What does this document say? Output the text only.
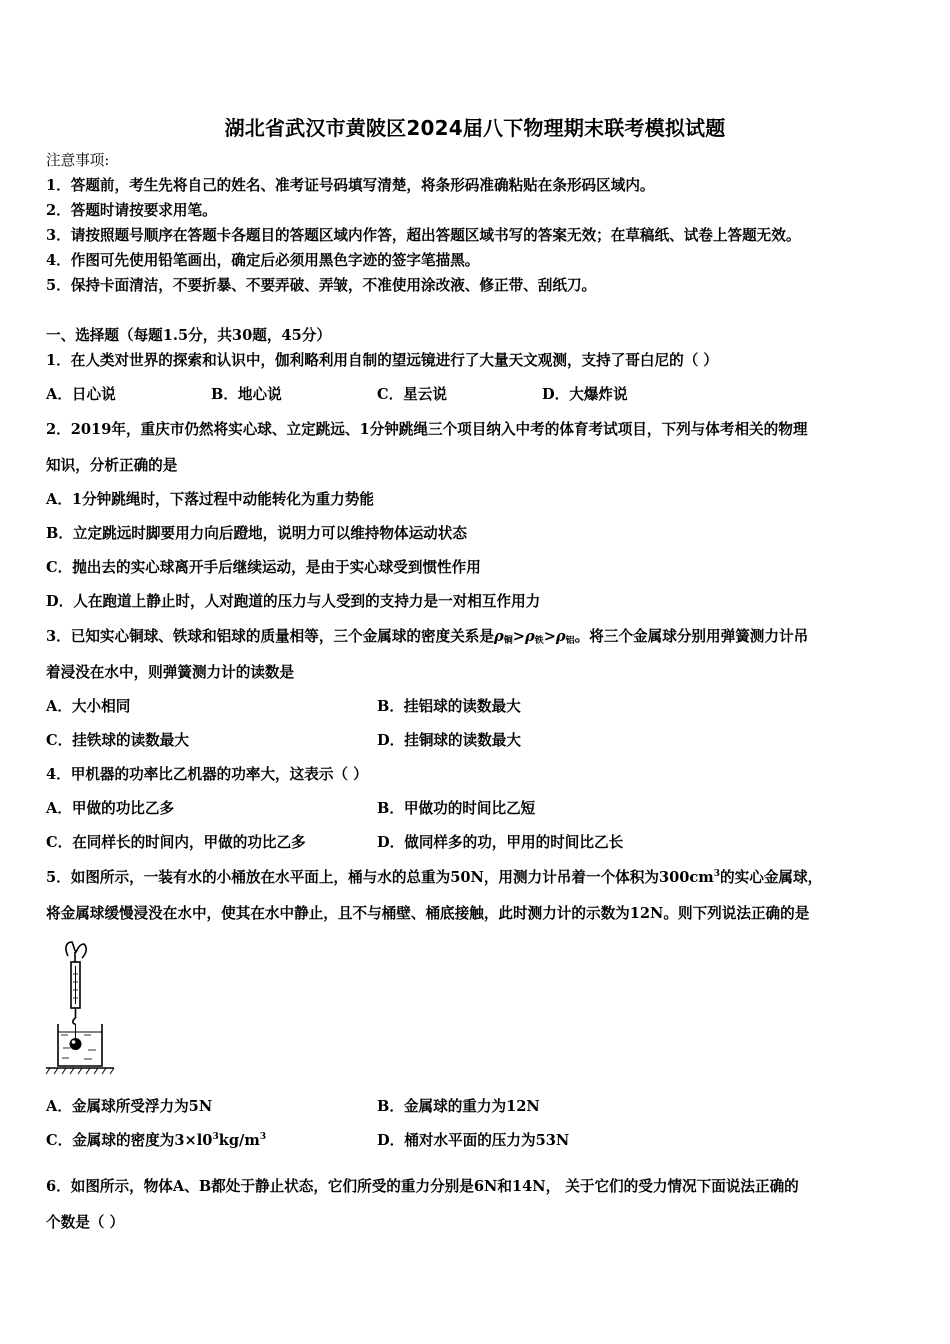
湖北省武汉市黄陂区2024届八下物理期末联考模拟试题
注意事项:
1．答题前，考生先将自己的姓名、准考证号码填写清楚，将条形码准确粘贴在条形码区域内。
2．答题时请按要求用笔。
3．请按照题号顺序在答题卡各题目的答题区域内作答，超出答题区域书写的答案无效；在草稿纸、试卷上答题无效。
4．作图可先使用铅笔画出，确定后必须用黑色字迹的签字笔描黑。
5．保持卡面清洁，不要折暴、不要弄破、弄皱，不准使用涂改液、修正带、刮纸刀。
一、选择题（每题1.5分，共30题，45分）
1．在人类对世界的探索和认识中，伽利略利用自制的望远镜进行了大量天文观测，支持了哥白尼的（ ）
A．日心说	B．地心说	C．星云说	D．大爆炸说
2．2019年，重庆市仍然将实心球、立定跳远、1分钟跳绳三个项目纳入中考的体育考试项目，下列与体考相关的物理
知识，分析正确的是
A．1分钟跳绳时，下落过程中动能转化为重力势能
B．立定跳远时脚要用力向后蹬地，说明力可以维持物体运动状态
C．抛出去的实心球离开手后继续运动，是由于实心球受到惯性作用
D．人在跑道上静止时，人对跑道的压力与人受到的支持力是一对相互作用力
3．已知实心铜球、铁球和铝球的质量相等，三个金属球的密度关系是$\rho_铜>\rho_铁>\rho_铝$。将三个金属球分别用弹簧测力计吊
着浸没在水中，则弹簧测力计的读数是
A．大小相同	B．挂铝球的读数最大
C．挂铁球的读数最大	D．挂铜球的读数最大
4．甲机器的功率比乙机器的功率大，这表示（ ）
A．甲做的功比乙多	B．甲做功的时间比乙短
C．在同样长的时间内，甲做的功比乙多	D．做同样多的功，甲用的时间比乙长
5．如图所示，一装有水的小桶放在水平面上，桶与水的总重为50N，用测力计吊着一个体积为$300cm^3$的实心金属球，
将金属球缓慢浸没在水中，使其在水中静止，且不与桶壁、桶底接触，此时测力计的示数为12N。则下列说法正确的是
A．金属球所受浮力为5N	B．金属球的重力为12N
C．金属球的密度为$3\times l0^3kg/m^3$	D．桶对水平面的压力为53N
6．如图所示，物体A、B都处于静止状态，它们所受的重力分别是6N和14N， 关于它们的受力情况下面说法正确的
个数是（ ）
